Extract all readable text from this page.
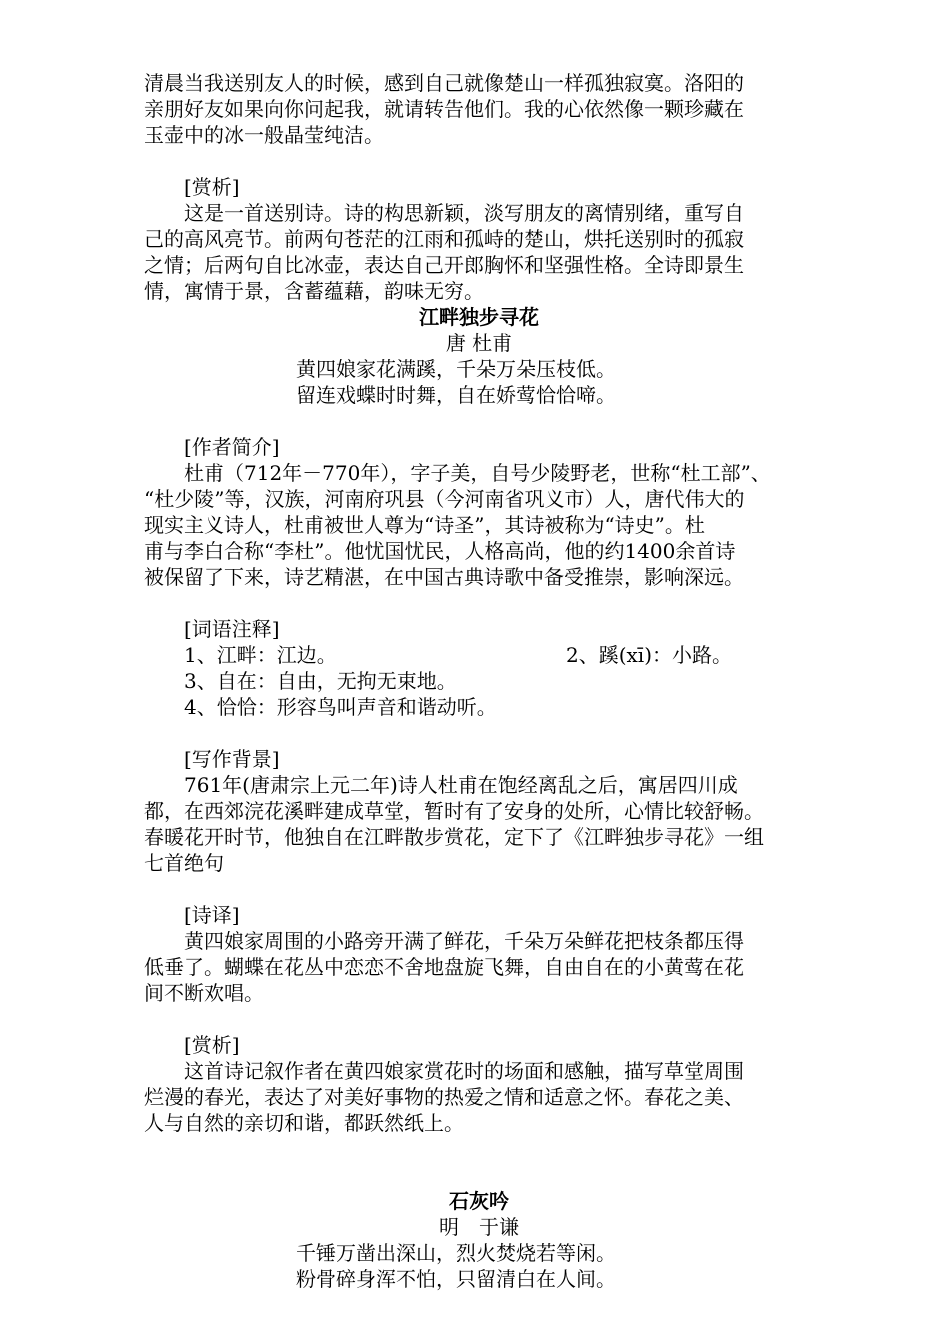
清晨当我送别友人的时候，感到自己就像楚山一样孤独寂寞。洛阳的
亲朋好友如果向你问起我，就请转告他们。我的心依然像一颗珍藏在
玉壶中的冰一般晶莹纯洁。
[赏析]
这是一首送别诗。诗的构思新颖，淡写朋友的离情别绪，重写自
己的高风亮节。前两句苍茫的江雨和孤峙的楚山，烘托送别时的孤寂
之情；后两句自比冰壶，表达自己开郎胸怀和坚强性格。全诗即景生
情，寓情于景，含蓄蕴藉，韵味无穷。
江畔独步寻花
唐 杜甫
黄四娘家花满蹊，千朵万朵压枝低。
留连戏蝶时时舞，自在娇莺恰恰啼。
[作者简介]
杜甫（712年－770年），字子美，自号少陵野老，世称“杜工部”、
“杜少陵”等，汉族，河南府巩县（今河南省巩义市）人，唐代伟大的
现实主义诗人，杜甫被世人尊为“诗圣”，其诗被称为“诗史”。杜
甫与李白合称“李杜”。他忧国忧民，人格高尚，他的约1400余首诗
被保留了下来，诗艺精湛，在中国古典诗歌中备受推崇，影响深远。
[词语注释]
1、江畔：江边。	2、蹊(xī)：小路。
3、自在：自由，无拘无束地。
4、恰恰：形容鸟叫声音和谐动听。
[写作背景]
761年(唐肃宗上元二年)诗人杜甫在饱经离乱之后，寓居四川成
都，在西郊浣花溪畔建成草堂，暂时有了安身的处所，心情比较舒畅。
春暖花开时节，他独自在江畔散步赏花，定下了《江畔独步寻花》一组
七首绝句
[诗译]
黄四娘家周围的小路旁开满了鲜花，千朵万朵鲜花把枝条都压得
低垂了。蝴蝶在花丛中恋恋不舍地盘旋飞舞，自由自在的小黄莺在花
间不断欢唱。
[赏析]
这首诗记叙作者在黄四娘家赏花时的场面和感触，描写草堂周围
烂漫的春光，表达了对美好事物的热爱之情和适意之怀。春花之美、
人与自然的亲切和谐，都跃然纸上。
石灰吟
明　于谦
千锤万凿出深山，烈火焚烧若等闲。
粉骨碎身浑不怕，只留清白在人间。
